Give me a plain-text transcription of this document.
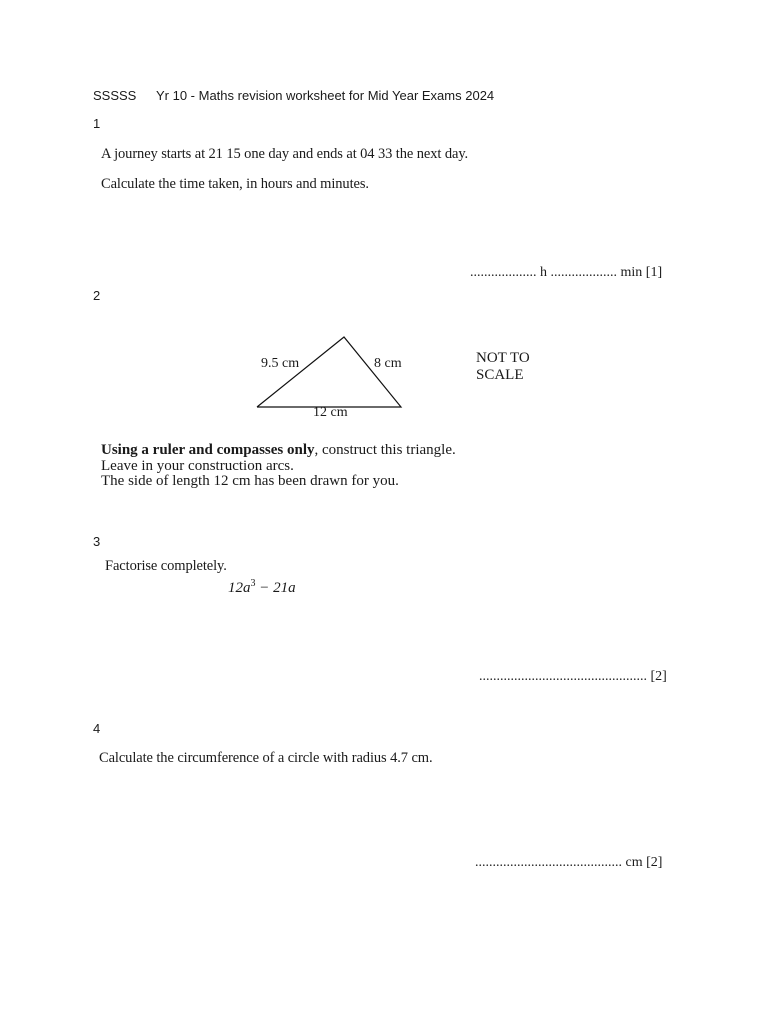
SSSSS Yr 10 - Maths revision worksheet for Mid Year Exams 2024
1
A journey starts at 21 15 one day and ends at 04 33 the next day.
Calculate the time taken, in hours and minutes.
................... h ................... min [1]
2
9.5 cm	8 cm
12 cm
NOT TO
SCALE
Using a ruler and compasses only, construct this triangle.
Leave in your construction arcs.
The side of length 12 cm has been drawn for you.
3
Factorise completely.
$12a^3 - 21a$
................................................ [2]
4
Calculate the circumference of a circle with radius 4.7 cm.
.......................................... cm [2]
